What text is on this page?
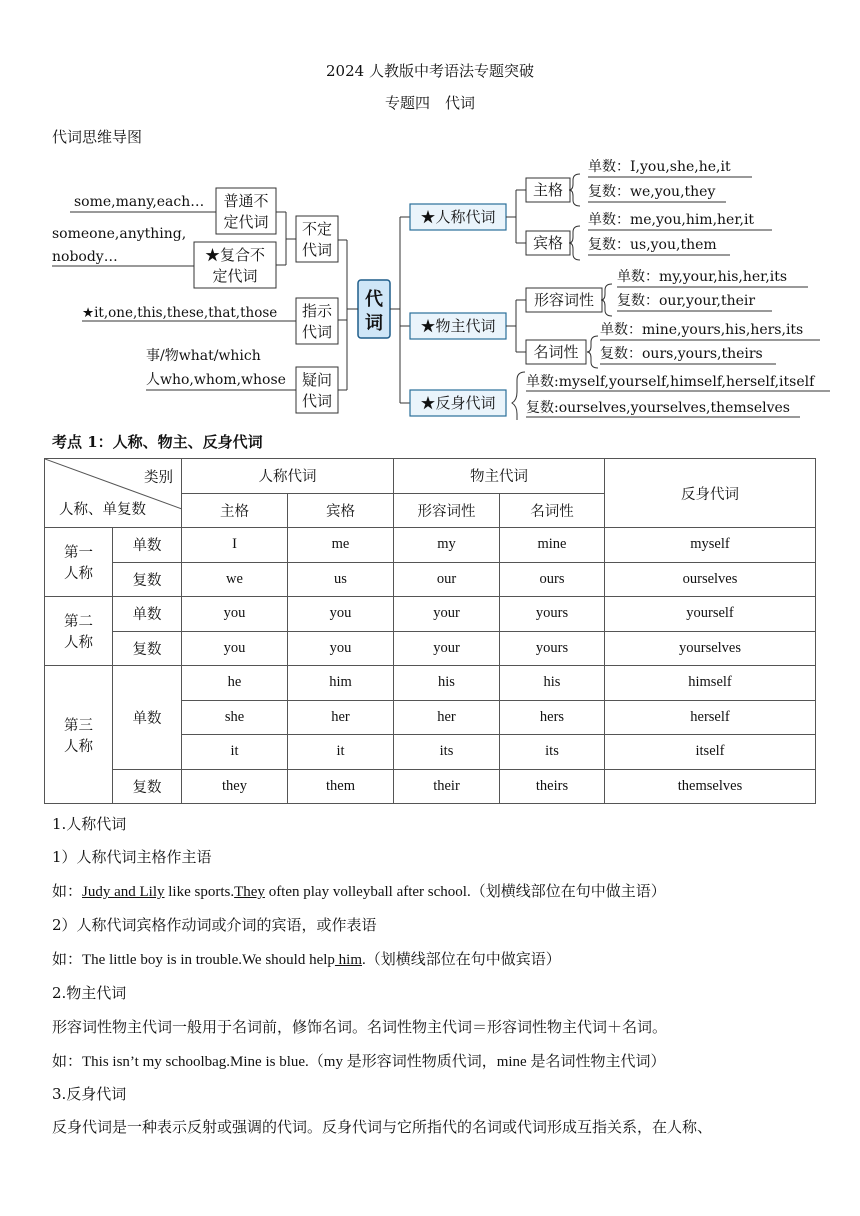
2024 人教版中考语法专题突破
专题四　代词
代词思维导图
代
词
不定
代词
普通不
定代词
some,many,each…
★复合不
定代词
someone,anything,
nobody…
指示
代词
★it,one,this,these,that,those
疑问
代词
事/物what/which
人who,whom,whose
★人称代词
主格
单数：I,you,she,he,it
复数：we,you,they
宾格
单数：me,you,him,her,it
复数：us,you,them
★物主代词
形容词性
单数：my,your,his,her,its
复数：our,your,their
名词性
单数：mine,yours,his,hers,its
复数：ours,yours,theirs
★反身代词
单数:myself,yourself,himself,herself,itself
复数:ourselves,yourselves,themselves
考点 1：人称、物主、反身代词
类别
人称、单复数		人称代词		物主代词		反身代词
		主格	宾格	形容词性	名词性	
第一
人称	单数	I	me	my	mine	myself
	复数	we	us	our	ours	ourselves
第二
人称	单数	you	you	your	yours	yourself
	复数	you	you	your	yours	yourselves
第三
人称	单数	he	him	his	his	himself
		she	her	her	hers	herself
		it	it	its	its	itself
	复数	they	them	their	theirs	themselves
1.人称代词
1）人称代词主格作主语
如：Judy and Lily like sports.They often play volleyball after school.（划横线部位在句中做主语）
2）人称代词宾格作动词或介词的宾语，或作表语
如：The little boy is in trouble.We should help him.（划横线部位在句中做宾语）
2.物主代词
形容词性物主代词一般用于名词前，修饰名词。名词性物主代词＝形容词性物主代词＋名词。
如：This isn’t my schoolbag.Mine is blue.（my 是形容词性物质代词，mine 是名词性物主代词）
3.反身代词
反身代词是一种表示反射或强调的代词。反身代词与它所指代的名词或代词形成互指关系，在人称、
